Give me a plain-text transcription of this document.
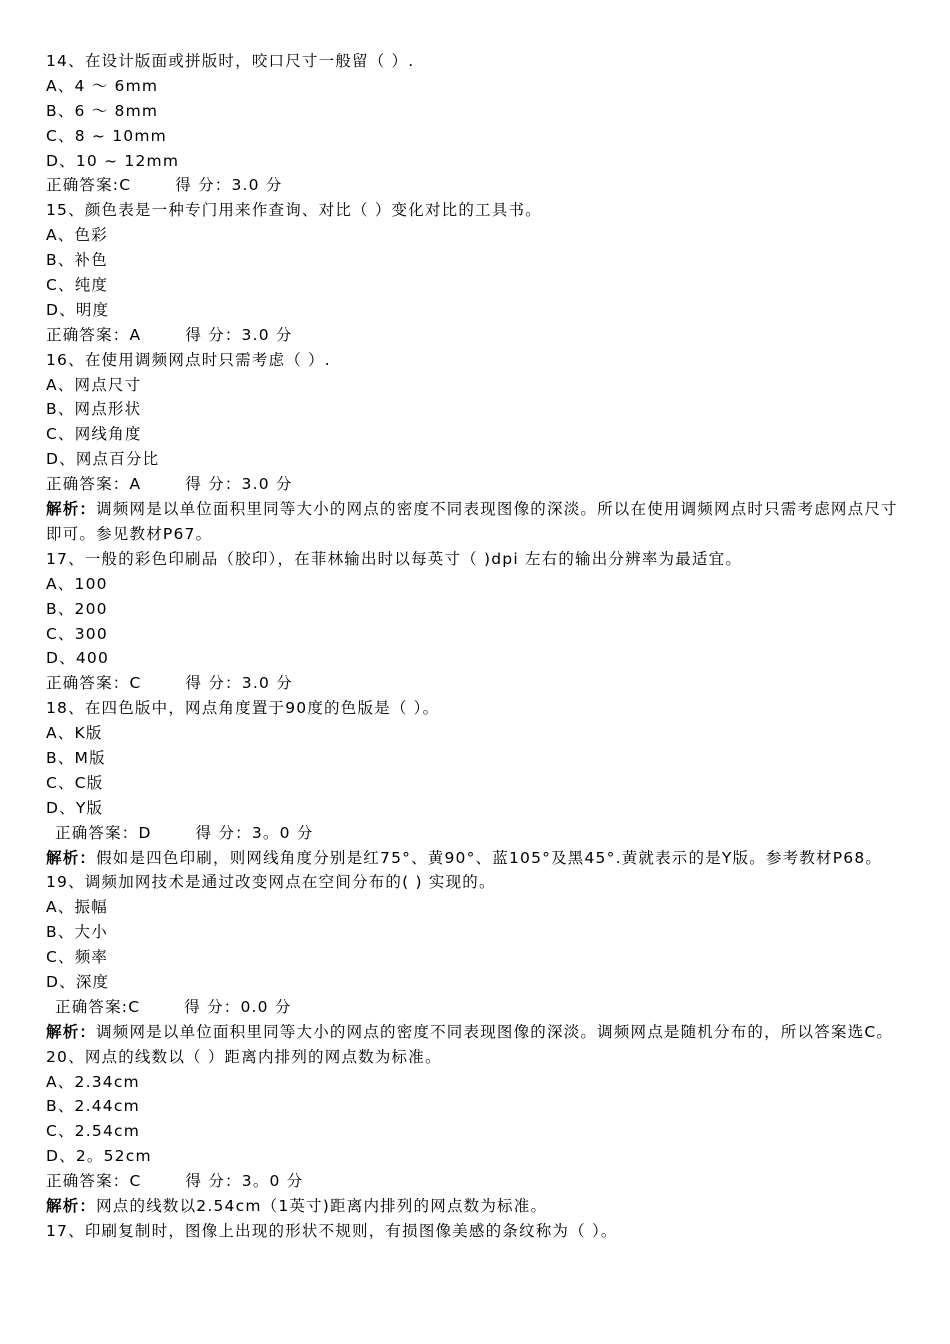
14、在设计版面或拼版时，咬口尺寸一般留（ ）.
A、4 ～ 6mm
B、6 ～ 8mm
C、8 ~ 10mm
D、10 ~ 12mm
正确答案:C	得 分：3.0 分
15、颜色表是一种专门用来作查询、对比（ ）变化对比的工具书。
A、色彩
B、补色
C、纯度
D、明度
正确答案：A	得 分：3.0 分
16、在使用调频网点时只需考虑（ ）.
A、网点尺寸
B、网点形状
C、网线角度
D、网点百分比
正确答案：A	得 分：3.0 分
解析：调频网是以单位面积里同等大小的网点的密度不同表现图像的深淡。所以在使用调频网点时只需考虑网点尺寸即可。参见教材P67。
17、一般的彩色印刷品（胶印），在菲林输出时以每英寸（ )dpi 左右的输出分辨率为最适宜。
A、100
B、200
C、300
D、400
正确答案：C	得 分：3.0 分
18、在四色版中，网点角度置于90度的色版是（ ）。
A、K版
B、M版
C、C版
D、Y版
正确答案：D	得 分：3。0 分
解析：假如是四色印刷，则网线角度分别是红75°、黄90°、蓝105°及黑45°.黄就表示的是Y版。参考教材P68。
19、调频加网技术是通过改变网点在空间分布的( ) 实现的。
A、振幅
B、大小
C、频率
D、深度
正确答案:C	得 分：0.0 分
解析：调频网是以单位面积里同等大小的网点的密度不同表现图像的深淡。调频网点是随机分布的，所以答案选C。
20、网点的线数以（ ）距离内排列的网点数为标准。
A、2.34cm
B、2.44cm
C、2.54cm
D、2。52cm
正确答案：C	得 分：3。0 分
解析：网点的线数以2.54cm（1英寸)距离内排列的网点数为标准。
17、印刷复制时，图像上出现的形状不规则，有损图像美感的条纹称为（ ）。
